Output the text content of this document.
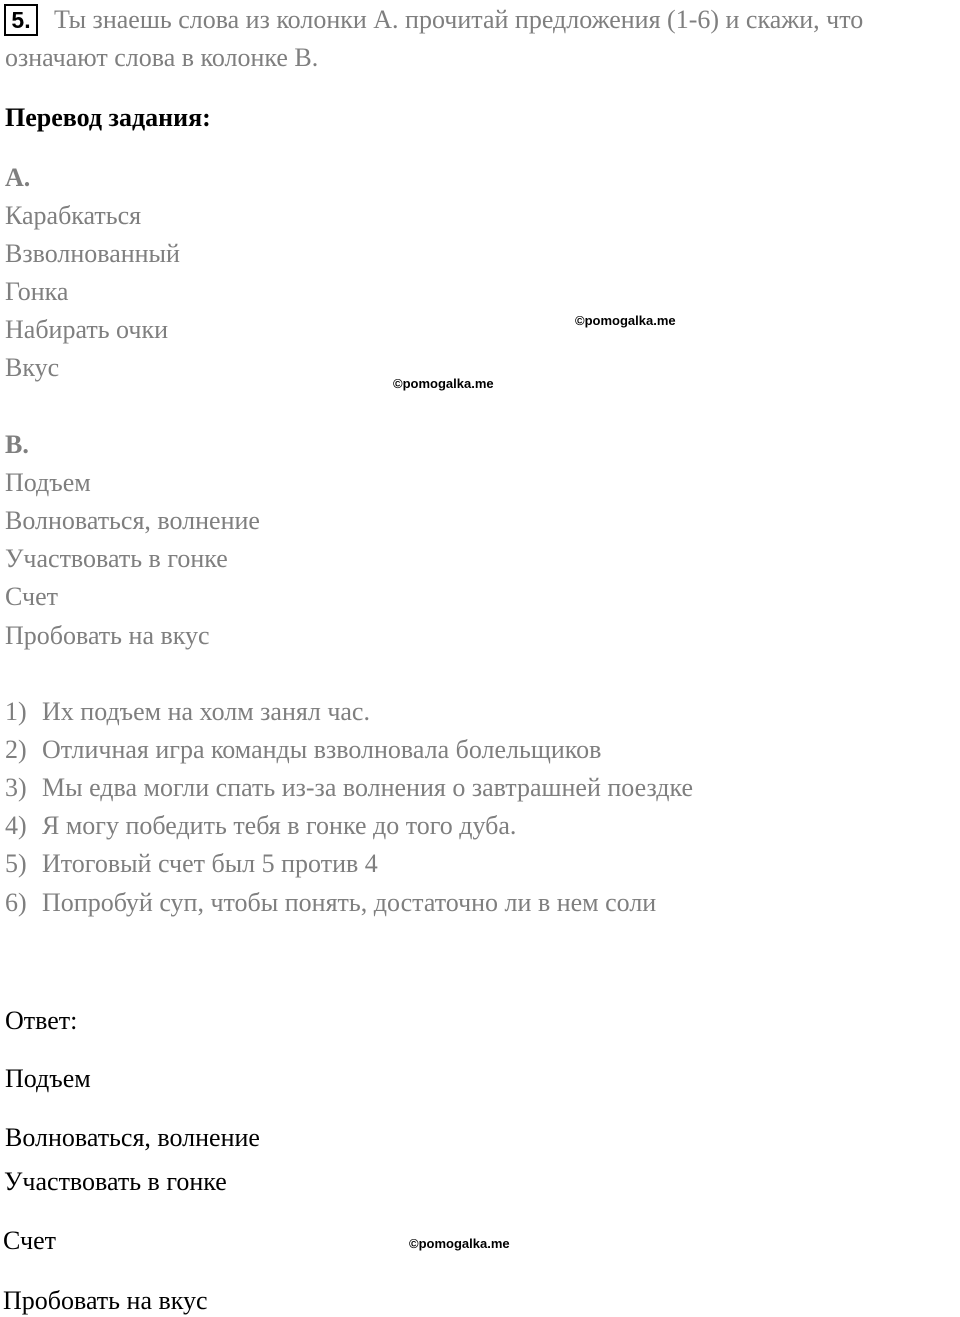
5. Ты знаешь слова из колонки А. прочитай предложения (1-6) и скажи, что
означают слова в колонке В.
Перевод задания:
A.
Карабкаться
Взволнованный
Гонка
Набирать очки
Вкус
B.
Подъем
Волноваться, волнение
Участвовать в гонке
Счет
Пробовать на вкус
1) Их подъем на холм занял час.
2) Отличная игра команды взволновала болельщиков
3) Мы едва могли спать из-за волнения о завтрашней поездке
4) Я могу победить тебя в гонке до того дуба.
5) Итоговый счет был 5 против 4
6) Попробуй суп, чтобы понять, достаточно ли в нем соли
Ответ:
Подъем
Волноваться, волнение
Участвовать в гонке
Счет
Пробовать на вкус
©pomogalka.me
©pomogalka.me
©pomogalka.me
